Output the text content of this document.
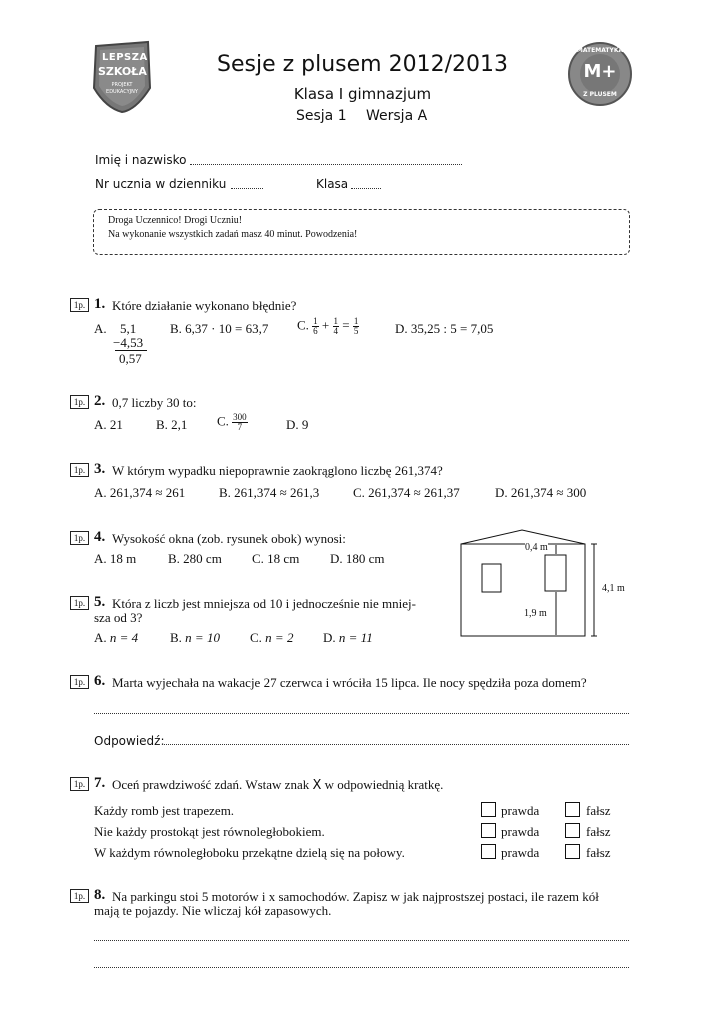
LEPSZA
SZKOŁA
PROJEKT
EDUKACYJNY
MATEMATYKA
M+
Z PLUSEM
Sesje z plusem 2012/2013
Klasa I gimnazjum
Sesja 1 Wersja A
Imię i nazwisko
Nr ucznia w dzienniku	Klasa
Droga Uczennico! Drogi Uczniu!
Na wykonanie wszystkich zadań masz 40 minut. Powodzenia!
1p. 1. Które działanie wykonano błędnie?
A. 5,1
−4,53
0,57
B. 6,37 · 10 = 63,7 C. $\frac{1}{6} + \frac{1}{4} = \frac{1}{5}$	D. 35,25 : 5 = 7,05
1p. 2. 0,7 liczby 30 to:
A. 21	B. 2,1 C. $\frac{300}{7}$	D. 9
1p. 3. W którym wypadku niepoprawnie zaokrąglono liczbę 261,374?
A. 261,374 ≈ 261	B. 261,374 ≈ 261,3	C. 261,374 ≈ 261,37	D. 261,374 ≈ 300
1p. 4. Wysokość okna (zob. rysunek obok) wynosi:
A. 18 m B. 280 cm C. 18 cm D. 180 cm
0,4 m
4,1 m
1,9 m
1p. 5. Która z liczb jest mniejsza od 10 i jednocześnie nie mniej-
sza od 3?
A. n = 4 B. n = 10 C. n = 2 D. n = 11
1p. 6. Marta wyjechała na wakacje 27 czerwca i wróciła 15 lipca. Ile nocy spędziła poza domem?
Odpowiedź:
1p. 7. Oceń prawdziwość zdań. Wstaw znak X w odpowiednią kratkę.
Każdy romb jest trapezem.	prawda	fałsz
Nie każdy prostokąt jest równoległobokiem.	prawda	fałsz
W każdym równoległoboku przekątne dzielą się na połowy.	prawda	fałsz
1p. 8. Na parkingu stoi 5 motorów i x samochodów. Zapisz w jak najprostszej postaci, ile razem kół
mają te pojazdy. Nie wliczaj kół zapasowych.
